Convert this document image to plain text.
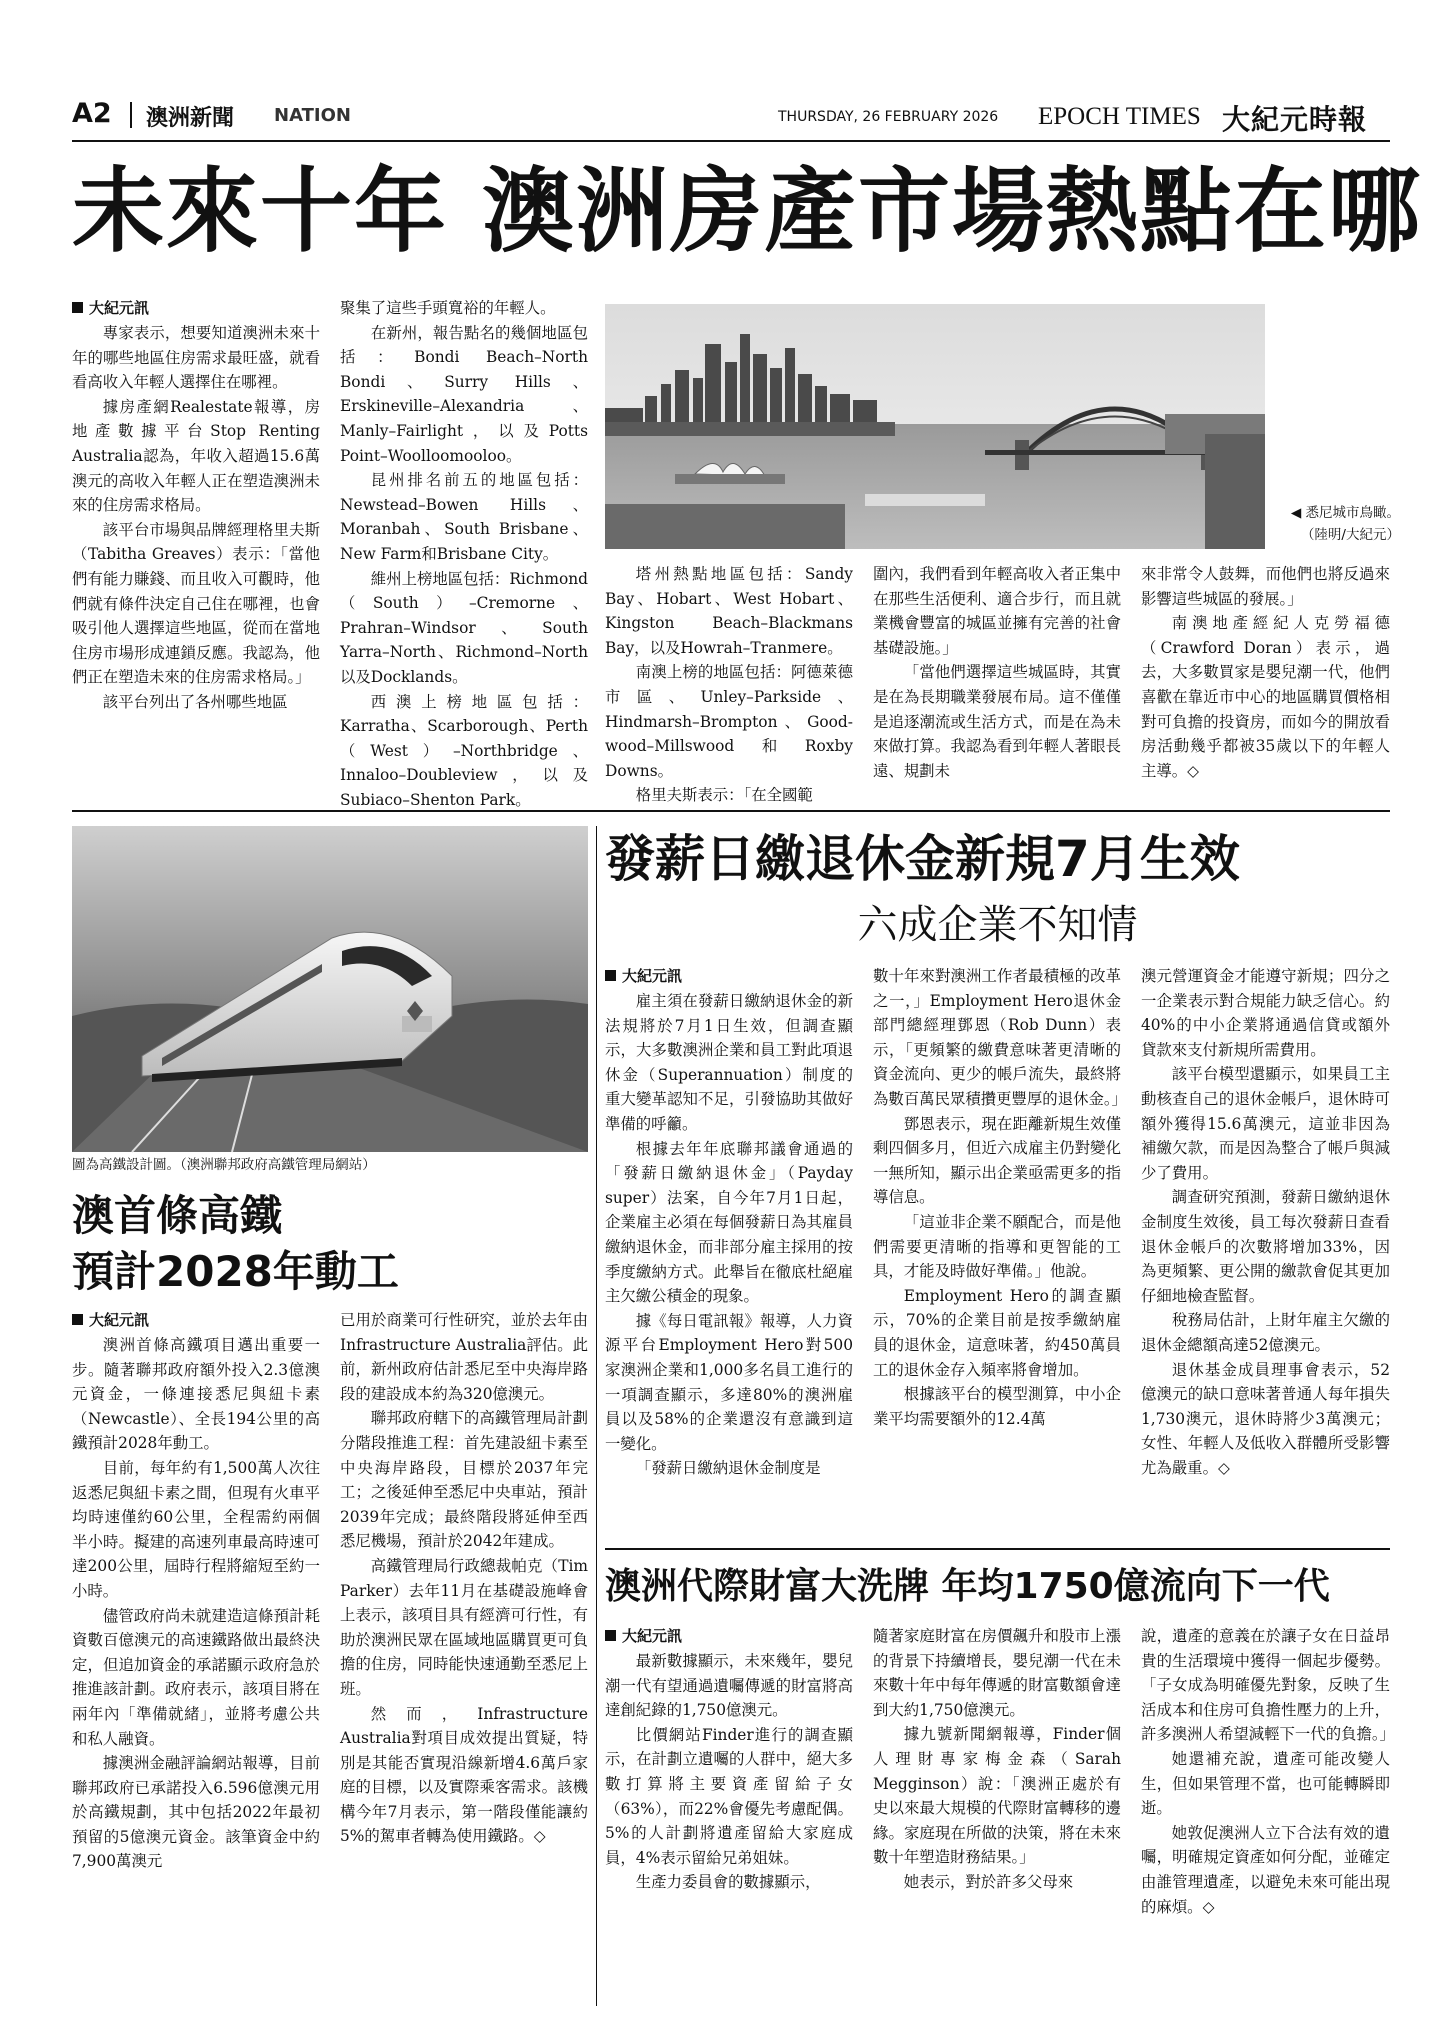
A2 澳洲新聞 NATION	THURSDAY, 26 FEBRUARY 2026 EPOCH TIMES 大紀元時報
未來十年 澳洲房產市場熱點在哪
大紀元訊

專家表示，想要知道澳洲未來十年的哪些地區住房需求最旺盛，就看看高收入年輕人選擇住在哪裡。

據房產網Realestate報導，房地產數據平台Stop Renting Australia認為，年收入超過15.6萬澳元的高收入年輕人正在塑造澳洲未來的住房需求格局。

該平台市場與品牌經理格里夫斯（Tabitha Greaves）表示：「當他們有能力賺錢、而且收入可觀時，他們就有條件決定自己住在哪裡，也會吸引他人選擇這些地區，從而在當地住房市場形成連鎖反應。我認為，他們正在塑造未來的住房需求格局。」

該平台列出了各州哪些地區

聚集了這些手頭寬裕的年輕人。

在新州，報告點名的幾個地區包括：Bondi Beach–North Bondi、Surry Hills、Erskineville–Alexandria、Manly–Fairlight，以及Potts Point–Woolloomooloo。

昆州排名前五的地區包括：Newstead–Bowen Hills、Moranbah、South Brisbane、New Farm和Brisbane City。

維州上榜地區包括：Richmond（South）–Cremorne、Prahran–Windsor、South Yarra–North、Richmond–North以及Docklands。

西澳上榜地區包括：Karratha、Scarborough、Perth（West）–Northbridge、Innaloo–Doubleview，以及Subiaco–Shenton Park。

◀ 悉尼城市鳥瞰。
（陸明/大紀元）

塔州熱點地區包括：Sandy Bay、Hobart、West Hobart、Kingston Beach–Blackmans Bay，以及Howrah–Tranmere。

南澳上榜的地區包括：阿德萊德市區、Unley–Parkside、Hindmarsh–Brompton、Good-wood–Millswood和Roxby Downs。

格里夫斯表示：「在全國範

圍內，我們看到年輕高收入者正集中在那些生活便利、適合步行，而且就業機會豐富的城區並擁有完善的社會基礎設施。」

「當他們選擇這些城區時，其實是在為長期職業發展布局。這不僅僅是追逐潮流或生活方式，而是在為未來做打算。我認為看到年輕人著眼長遠、規劃未

來非常令人鼓舞，而他們也將反過來影響這些城區的發展。」

南澳地產經紀人克勞福德（Crawford Doran）表示，過去，大多數買家是嬰兒潮一代，他們喜歡在靠近市中心的地區購買價格相對可負擔的投資房，而如今的開放看房活動幾乎都被35歲以下的年輕人主導。◇

圖為高鐵設計圖。（澳洲聯邦政府高鐵管理局網站）
澳首條高鐵
預計2028年動工
大紀元訊

澳洲首條高鐵項目邁出重要一步。隨著聯邦政府額外投入2.3億澳元資金，一條連接悉尼與紐卡素（Newcastle）、全長194公里的高鐵預計2028年動工。

目前，每年約有1,500萬人次往返悉尼與紐卡素之間，但現有火車平均時速僅約60公里，全程需約兩個半小時。擬建的高速列車最高時速可達200公里，屆時行程將縮短至約一小時。

儘管政府尚未就建造這條預計耗資數百億澳元的高速鐵路做出最終決定，但追加資金的承諾顯示政府急於推進該計劃。政府表示，該項目將在兩年內「準備就緒」，並將考慮公共和私人融資。

據澳洲金融評論網站報導，目前聯邦政府已承諾投入6.596億澳元用於高鐵規劃，其中包括2022年最初預留的5億澳元資金。該筆資金中約7,900萬澳元

已用於商業可行性研究，並於去年由Infrastructure Australia評估。此前，新州政府估計悉尼至中央海岸路段的建設成本約為320億澳元。

聯邦政府轄下的高鐵管理局計劃分階段推進工程：首先建設紐卡素至中央海岸路段，目標於2037年完工；之後延伸至悉尼中央車站，預計2039年完成；最終階段將延伸至西悉尼機場，預計於2042年建成。

高鐵管理局行政總裁帕克（Tim Parker）去年11月在基礎設施峰會上表示，該項目具有經濟可行性，有助於澳洲民眾在區域地區購買更可負擔的住房，同時能快速通勤至悉尼上班。

然而，Infrastructure Australia對項目成效提出質疑，特別是其能否實現沿線新增4.6萬戶家庭的目標，以及實際乘客需求。該機構今年7月表示，第一階段僅能讓約5%的駕車者轉為使用鐵路。◇

發薪日繳退休金新規7月生效
六成企業不知情
大紀元訊

雇主須在發薪日繳納退休金的新法規將於7月1日生效，但調查顯示，大多數澳洲企業和員工對此項退休金（Superannuation）制度的重大變革認知不足，引發協助其做好準備的呼籲。

根據去年年底聯邦議會通過的「發薪日繳納退休金」（Payday super）法案，自今年7月1日起，企業雇主必須在每個發薪日為其雇員繳納退休金，而非部分雇主採用的按季度繳納方式。此舉旨在徹底杜絕雇主欠繳公積金的現象。

據《每日電訊報》報導，人力資源平台Employment Hero對500家澳洲企業和1,000多名員工進行的一項調查顯示，多達80%的澳洲雇員以及58%的企業還沒有意識到這一變化。

「發薪日繳納退休金制度是

數十年來對澳洲工作者最積極的改革之一，」Employment Hero退休金部門總經理鄧恩（Rob Dunn）表示，「更頻繁的繳費意味著更清晰的資金流向、更少的帳戶流失，最終將為數百萬民眾積攢更豐厚的退休金。」

鄧恩表示，現在距離新規生效僅剩四個多月，但近六成雇主仍對變化一無所知，顯示出企業亟需更多的指導信息。

「這並非企業不願配合，而是他們需要更清晰的指導和更智能的工具，才能及時做好準備。」他說。

Employment Hero的調查顯示，70%的企業目前是按季繳納雇員的退休金，這意味著，約450萬員工的退休金存入頻率將會增加。

根據該平台的模型測算，中小企業平均需要額外的12.4萬

澳元營運資金才能遵守新規；四分之一企業表示對合規能力缺乏信心。約40%的中小企業將通過信貸或額外貸款來支付新規所需費用。

該平台模型還顯示，如果員工主動核查自己的退休金帳戶，退休時可額外獲得15.6萬澳元，這並非因為補繳欠款，而是因為整合了帳戶與減少了費用。

調查研究預測，發薪日繳納退休金制度生效後，員工每次發薪日查看退休金帳戶的次數將增加33%，因為更頻繁、更公開的繳款會促其更加仔細地檢查監督。

稅務局估計，上財年雇主欠繳的退休金總額高達52億澳元。

退休基金成員理事會表示，52億澳元的缺口意味著普通人每年損失1,730澳元，退休時將少3萬澳元；女性、年輕人及低收入群體所受影響尤為嚴重。◇

澳洲代際財富大洗牌 年均1750億流向下一代
大紀元訊

最新數據顯示，未來幾年，嬰兒潮一代有望通過遺囑傳遞的財富將高達創紀錄的1,750億澳元。

比價網站Finder進行的調查顯示，在計劃立遺囑的人群中，絕大多數打算將主要資產留給子女（63%），而22%會優先考慮配偶。5%的人計劃將遺產留給大家庭成員，4%表示留給兄弟姐妹。

生產力委員會的數據顯示，

隨著家庭財富在房價飆升和股市上漲的背景下持續增長，嬰兒潮一代在未來數十年中每年傳遞的財富數額會達到大約1,750億澳元。

據九號新聞網報導，Finder個人理財專家梅金森（Sarah Megginson）說：「澳洲正處於有史以來最大規模的代際財富轉移的邊緣。家庭現在所做的決策，將在未來數十年塑造財務結果。」

她表示，對於許多父母來

說，遺產的意義在於讓子女在日益昂貴的生活環境中獲得一個起步優勢。「子女成為明確優先對象，反映了生活成本和住房可負擔性壓力的上升，許多澳洲人希望減輕下一代的負擔。」

她還補充說，遺產可能改變人生，但如果管理不當，也可能轉瞬即逝。

她敦促澳洲人立下合法有效的遺囑，明確規定資產如何分配，並確定由誰管理遺產，以避免未來可能出現的麻煩。◇
